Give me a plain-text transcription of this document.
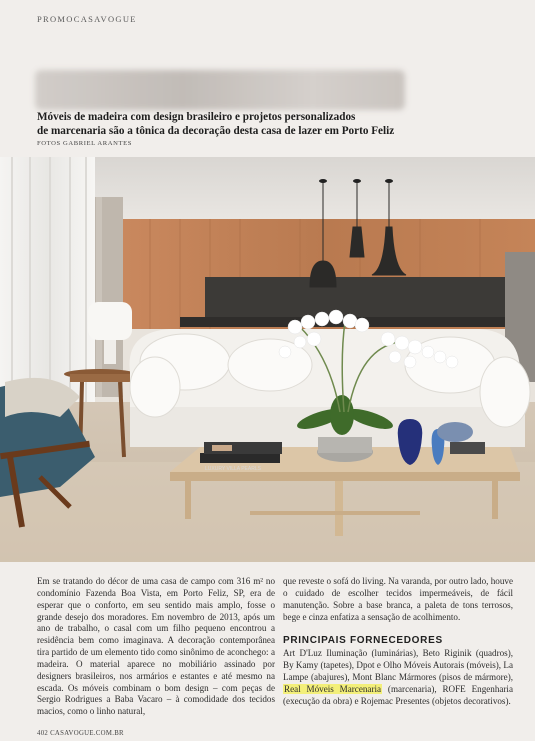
PROMOCASAVOGUE
Móveis de madeira com design brasileiro e projetos personalizados
de marcenaria são a tônica da decoração desta casa de lazer em Porto Feliz
FOTOS GABRIEL ARANTES
LUXURY VILLA PEARLS
Em se tratando do décor de uma casa de campo com 316 m² no condomínio Fazenda Boa Vista, em Porto Feliz, SP, era de esperar que o conforto, em seu sentido mais amplo, fosse o grande desejo dos moradores. Em novembro de 2013, após um ano de trabalho, o casal com um filho pequeno encontrou a residência bem como imaginava. A decoração contemporânea tira partido de um elemento tido como sinônimo de aconchego: a madeira. O material aparece no mobiliário assinado por designers brasileiros, nos armários e estantes e até mesmo na escada. Os móveis combinam o bom design – com peças de Sergio Rodrigues a Baba Vacaro – à comodidade dos tecidos macios, como o linho natural,

que reveste o sofá do living. Na varanda, por outro lado, houve o cuidado de escolher tecidos impermeáveis, de fácil manutenção. Sobre a base branca, a paleta de tons terrosos, bege e cinza enfatiza a sensação de acolhimento.

PRINCIPAIS FORNECEDORES

Art D'Luz Iluminação (luminárias), Beto Riginik (quadros), By Kamy (tapetes), Dpot e Olho Móveis Autorais (móveis), La Lampe (abajures), Mont Blanc Mármores (pisos de mármore), Real Móveis Marcenaria (marcenaria), ROFE Engenharia (execução da obra) e Rojemac Presentes (objetos decorativos).

402 CASAVOGUE.COM.BR
